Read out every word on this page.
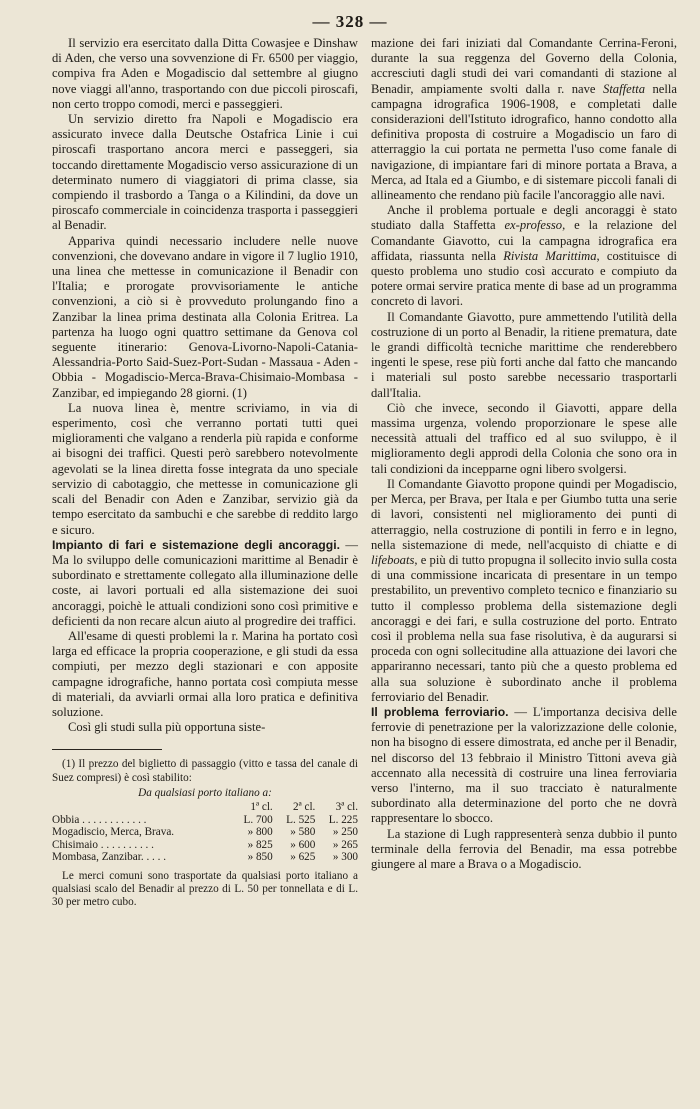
— 328 —

Il servizio era esercitato dalla Ditta Cowasjee e Dinshaw di Aden, che verso una sovvenzione di Fr. 6500 per viaggio, compiva fra Aden e Mogadiscio dal settembre al giugno nove viaggi all'anno, trasportando con due piccoli piroscafi, non certo troppo comodi, merci e passeggieri.

Un servizio diretto fra Napoli e Mogadiscio era assicurato invece dalla Deutsche Ostafrica Linie i cui piroscafi trasportano ancora merci e passeggeri, sia toccando direttamente Mogadiscio verso assicurazione di un determinato numero di viaggiatori di prima classe, sia compiendo il trasbordo a Tanga o a Kilindini, da dove un piroscafo commerciale in coincidenza trasporta i passeggieri al Benadir.

Appariva quindi necessario includere nelle nuove convenzioni, che dovevano andare in vigore il 7 luglio 1910, una linea che mettesse in comunicazione il Benadir con l'Italia; e prorogate provvisoriamente le antiche convenzioni, a ciò si è provveduto prolungando fino a Zanzibar la linea prima destinata alla Colonia Eritrea. La partenza ha luogo ogni quattro settimane da Genova col seguente itinerario: Genova-Livorno-Napoli-Catania-Alessandria-Porto Said-Suez-Port-Sudan - Massaua - Aden - Obbia - Mogadiscio-Merca-Brava-Chisimaio-Mombasa - Zanzibar, ed impiegando 28 giorni. (1)

La nuova linea è, mentre scriviamo, in via di esperimento, così che verranno portati tutti quei miglioramenti che valgano a renderla più rapida e conforme ai bisogni dei traffici. Questi però sarebbero notevolmente agevolati se la linea diretta fosse integrata da uno speciale servizio di cabotaggio, che mettesse in comunicazione gli scali del Benadir con Aden e Zanzibar, servizio già da tempo esercitato da sambuchi e che sarebbe di reddito largo e sicuro.

Impianto di fari e sistemazione degli ancoraggi. — Ma lo sviluppo delle comunicazioni marittime al Benadir è subordinato e strettamente collegato alla illuminazione delle coste, ai lavori portuali ed alla sistemazione dei suoi ancoraggi, poichè le attuali condizioni sono così primitive e deficienti da non recare alcun aiuto al progredire dei traffici.

All'esame di questi problemi la r. Marina ha portato così larga ed efficace la propria cooperazione, e gli studi da essa compiuti, per mezzo degli stazionari e con apposite campagne idrografiche, hanno portata così compiuta messe di materiali, da avviarli ormai alla loro pratica e definitiva soluzione.

Così gli studi sulla più opportuna siste-

(1) Il prezzo del biglietto di passaggio (vitto e tassa del canale di Suez compresi) è così stabilito:

Da qualsiasi porto italiano a:
	1ª cl.	2ª cl.	3ª cl.
Obbia . . . . . . . . . . . .	L. 700	L. 525	L. 225
Mogadiscio, Merca, Brava.	» 800	» 580	» 250
Chisimaio . . . . . . . . . .	» 825	» 600	» 265
Mombasa, Zanzibar. . . . .	» 850	» 625	» 300

Le merci comuni sono trasportate da qualsiasi porto italiano a qualsiasi scalo del Benadir al prezzo di L. 50 per tonnellata e di L. 30 per metro cubo.

mazione dei fari iniziati dal Comandante Cerrina-Feroni, durante la sua reggenza del Governo della Colonia, accresciuti dagli studi dei vari comandanti di stazione al Benadir, ampiamente svolti dalla r. nave Staffetta nella campagna idrografica 1906-1908, e completati dalle considerazioni dell'Istituto idrografico, hanno condotto alla definitiva proposta di costruire a Mogadiscio un faro di atterraggio la cui portata ne permetta l'uso come fanale di navigazione, di impiantare fari di minore portata a Brava, a Merca, ad Itala ed a Giumbo, e di sistemare piccoli fanali di allineamento che rendano più facile l'ancoraggio alle navi.

Anche il problema portuale e degli ancoraggi è stato studiato dalla Staffetta ex-professo, e la relazione del Comandante Giavotto, cui la campagna idrografica era affidata, riassunta nella Rivista Marittima, costituisce di questo problema uno studio così accurato e compiuto da potere ormai servire pratica mente di base ad un programma concreto di lavori.

Il Comandante Giavotto, pure ammettendo l'utilità della costruzione di un porto al Benadir, la ritiene prematura, date le grandi difficoltà tecniche marittime che renderebbero ingenti le spese, rese più forti anche dal fatto che mancando i materiali sul posto sarebbe necessario trasportarli dall'Italia.

Ciò che invece, secondo il Giavotti, appare della massima urgenza, volendo proporzionare le spese alle necessità attuali del traffico ed al suo sviluppo, è il miglioramento degli approdi della Colonia che sono ora in tali condizioni da incepparne ogni libero svolgersi.

Il Comandante Giavotto propone quindi per Mogadiscio, per Merca, per Brava, per Itala e per Giumbo tutta una serie di lavori, consistenti nel miglioramento dei punti di atterraggio, nella costruzione di pontili in ferro e in legno, nella sistemazione di mede, nell'acquisto di chiatte e di lifeboats, e più di tutto propugna il sollecito invio sulla costa di una commissione incaricata di presentare in un tempo prestabilito, un preventivo completo tecnico e finanziario su tutto il complesso problema della sistemazione degli ancoraggi e dei fari, e sulla costruzione del porto. Entrato così il problema nella sua fase risolutiva, è da augurarsi si proceda con ogni sollecitudine alla attuazione dei lavori che appariranno necessari, tanto più che a questo problema ed alla sua soluzione è subordinato anche il problema ferroviario del Benadir.

Il problema ferroviario. — L'importanza decisiva delle ferrovie di penetrazione per la valorizzazione delle colonie, non ha bisogno di essere dimostrata, ed anche per il Benadir, nel discorso del 13 febbraio il Ministro Tittoni aveva già accennato alla necessità di costruire una linea ferroviaria verso l'interno, ma il suo tracciato è naturalmente subordinato alla determinazione del porto che ne dovrà rappresentare lo sbocco.

La stazione di Lugh rappresenterà senza dubbio il punto terminale della ferrovia del Benadir, ma essa potrebbe giungere al mare a Brava o a Mogadiscio.
